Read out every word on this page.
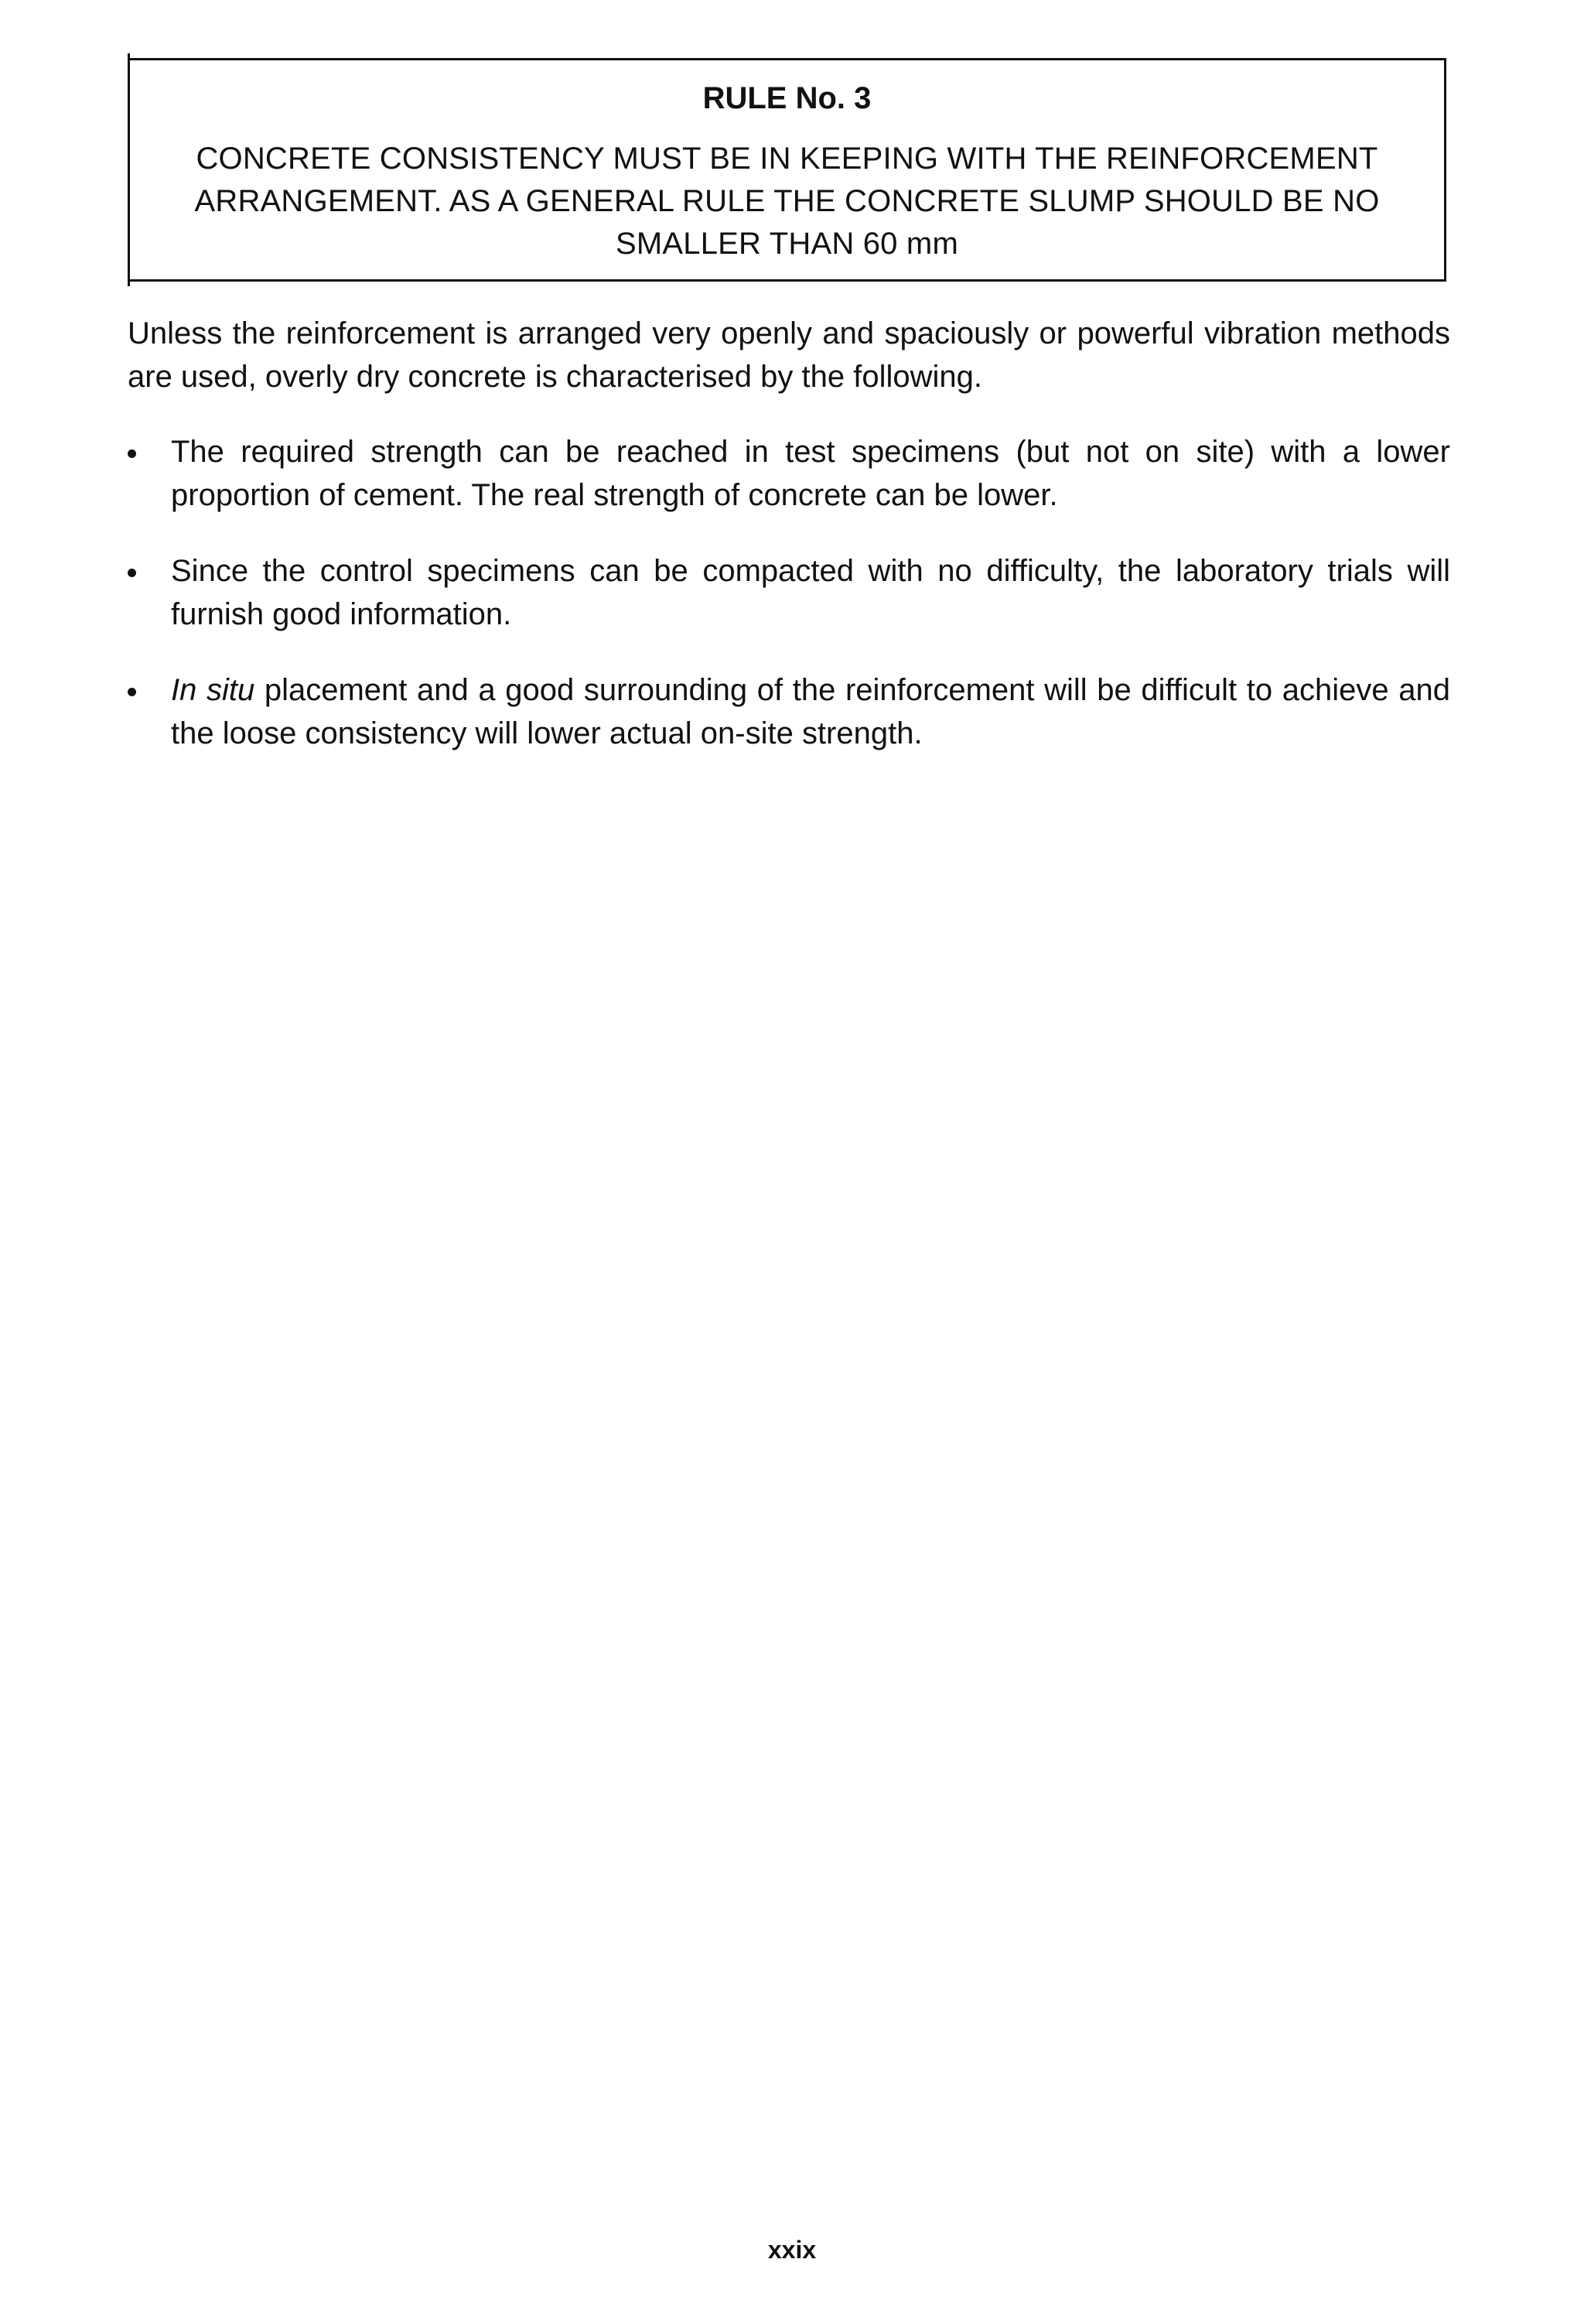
RULE No. 3
CONCRETE CONSISTENCY MUST BE IN KEEPING WITH THE REINFORCEMENT
ARRANGEMENT. AS A GENERAL RULE THE CONCRETE SLUMP SHOULD BE NO
SMALLER THAN 60 mm

Unless the reinforcement is arranged very openly and spaciously or powerful vibration methods are used, overly dry concrete is characterised by the following.

The required strength can be reached in test specimens (but not on site) with a lower proportion of cement. The real strength of concrete can be lower.
Since the control specimens can be compacted with no difficulty, the laboratory trials will furnish good information.
In situ placement and a good surrounding of the reinforcement will be difficult to achieve and the loose consistency will lower actual on-site strength.
xxix
